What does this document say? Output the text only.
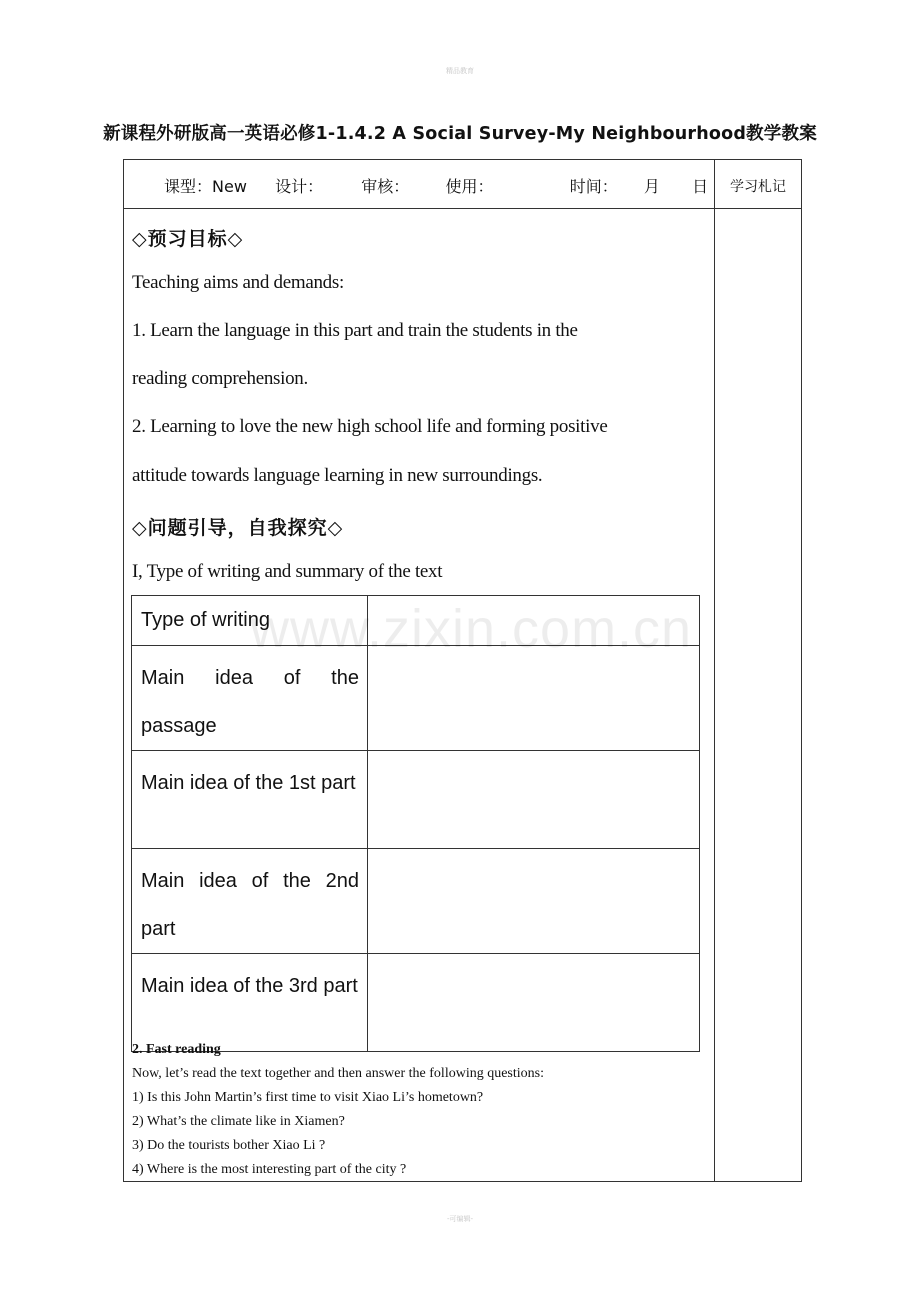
精品教育
新课程外研版高一英语必修1-1.4.2 A Social Survey-My Neighbourhood教学教案
课型：New 设计： 审核： 使用：	时间： 月 日	学习札记
◇预习目标◇
Teaching aims and demands:
1. Learn the language in this part and train the students in the
reading comprehension.
2. Learning to love the new high school life and forming positive
attitude towards language learning in new surroundings.
◇问题引导，自我探究◇
I, Type of writing and summary of the text
Type of writing	
Main idea of the passage	
Main idea of the 1st part	
Main idea of the 2nd part	
Main idea of the 3rd part	
www.zixin.com.cn
2. Fast reading
Now, let’s read the text together and then answer the following questions:
1) Is this John Martin’s first time to visit Xiao Li’s hometown?
2) What’s the climate like in Xiamen?
3) Do the tourists bother Xiao Li ?
4) Where is the most interesting part of the city ?
-可编辑-
